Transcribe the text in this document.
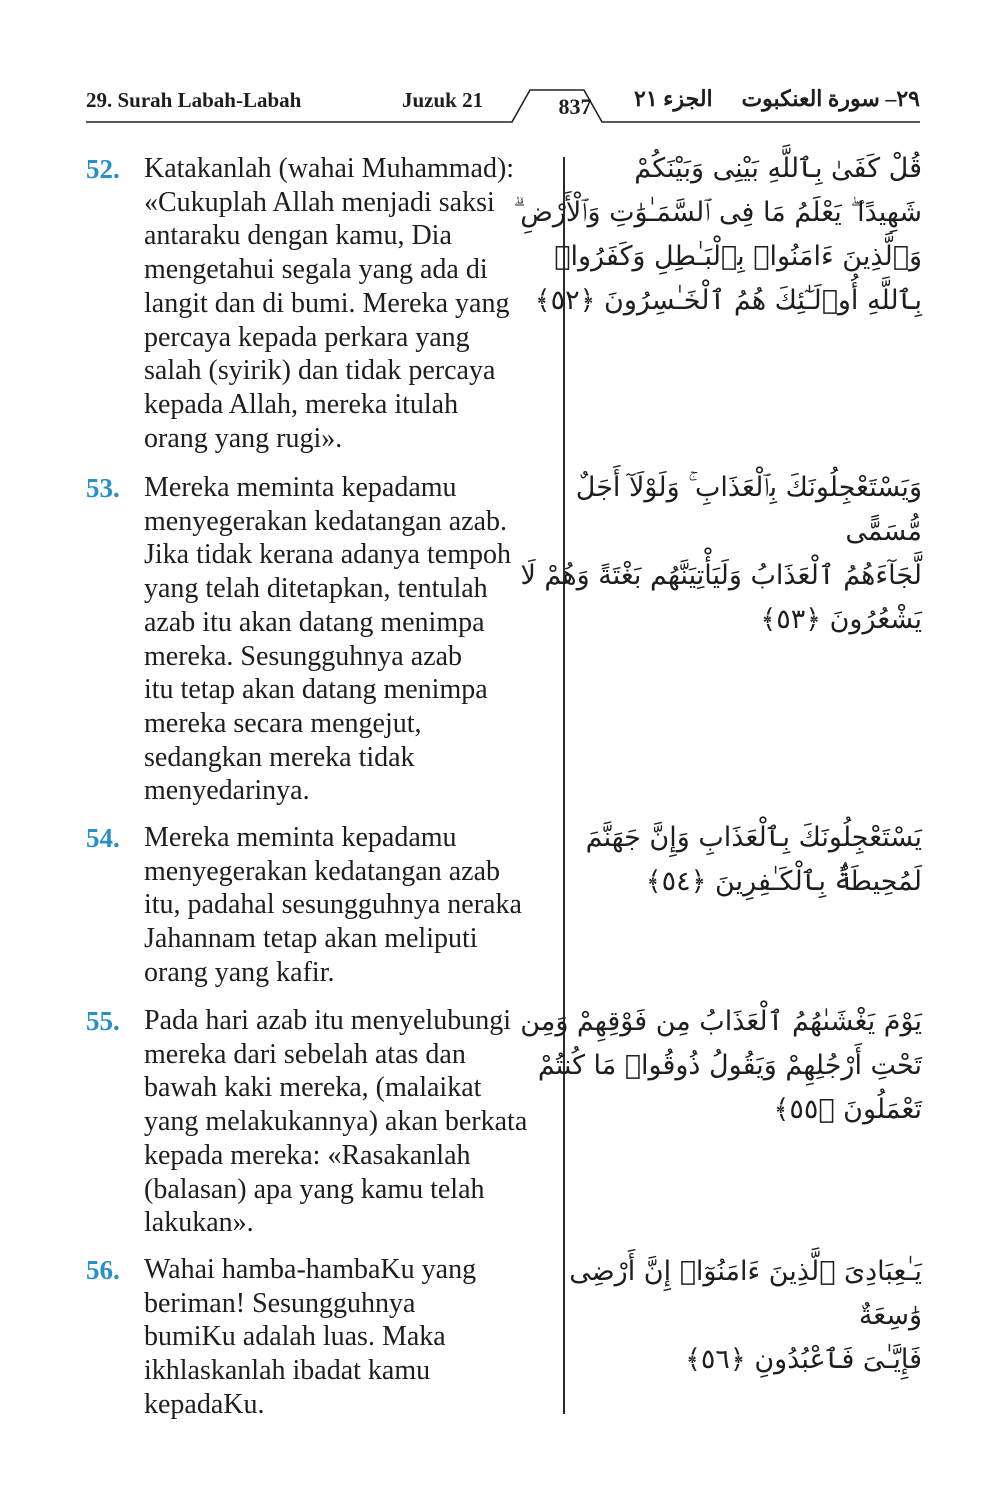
29. Surah Labah-Labah	Juzuk 21	837	الجزء ٢١ ٢٩– سورة العنكبوت
52. Katakanlah (wahai Muhammad):
«Cukuplah Allah menjadi saksi
antaraku dengan kamu, Dia
mengetahui segala yang ada di
langit dan di bumi. Mereka yang
percaya kepada perkara yang
salah (syirik) dan tidak percaya
kepada Allah, mereka itulah
orang yang rugi».
قُلْ كَفَىٰ بِٱللَّهِ بَيْنِى وَبَيْنَكُمْ
شَهِيدًا ۖ يَعْلَمُ مَا فِى ٱلسَّمَـٰوَٰتِ وَٱلْأَرْضِ ۗ
وَٱلَّذِينَ ءَامَنُوا۟ بِٱلْبَـٰطِلِ وَكَفَرُوا۟
بِٱللَّهِ أُو۟لَـٰٓئِكَ هُمُ ٱلْخَـٰسِرُونَ ﴿٥٢﴾
53. Mereka meminta kepadamu
menyegerakan kedatangan azab.
Jika tidak kerana adanya tempoh
yang telah ditetapkan, tentulah
azab itu akan datang menimpa
mereka. Sesungguhnya azab
itu tetap akan datang menimpa
mereka secara mengejut,
sedangkan mereka tidak
menyedarinya.
وَيَسْتَعْجِلُونَكَ بِٱلْعَذَابِ ۚ وَلَوْلَآ أَجَلٌ مُّسَمًّى
لَّجَآءَهُمُ ٱلْعَذَابُ وَلَيَأْتِيَنَّهُم بَغْتَةً وَهُمْ لَا
يَشْعُرُونَ ﴿٥٣﴾
54. Mereka meminta kepadamu
menyegerakan kedatangan azab
itu, padahal sesungguhnya neraka
Jahannam tetap akan meliputi
orang yang kafir.
يَسْتَعْجِلُونَكَ بِٱلْعَذَابِ وَإِنَّ جَهَنَّمَ
لَمُحِيطَةٌۢ بِٱلْكَـٰفِرِينَ ﴿٥٤﴾
55. Pada hari azab itu menyelubungi
mereka dari sebelah atas dan
bawah kaki mereka, (malaikat
yang melakukannya) akan berkata
kepada mereka: «Rasakanlah
(balasan) apa yang kamu telah
lakukan».
يَوْمَ يَغْشَىٰهُمُ ٱلْعَذَابُ مِن فَوْقِهِمْ وَمِن
تَحْتِ أَرْجُلِهِمْ وَيَقُولُ ذُوقُوا۟ مَا كُنتُمْ تَعْمَلُونَ ﴿٥٥﴾
56. Wahai hamba-hambaKu yang
beriman! Sesungguhnya
bumiKu adalah luas. Maka
ikhlaskanlah ibadat kamu
kepadaKu.
يَـٰعِبَادِىَ ٱلَّذِينَ ءَامَنُوٓا۟ إِنَّ أَرْضِى وَٰسِعَةٌ
فَإِيَّـٰىَ فَٱعْبُدُونِ ﴿٥٦﴾
